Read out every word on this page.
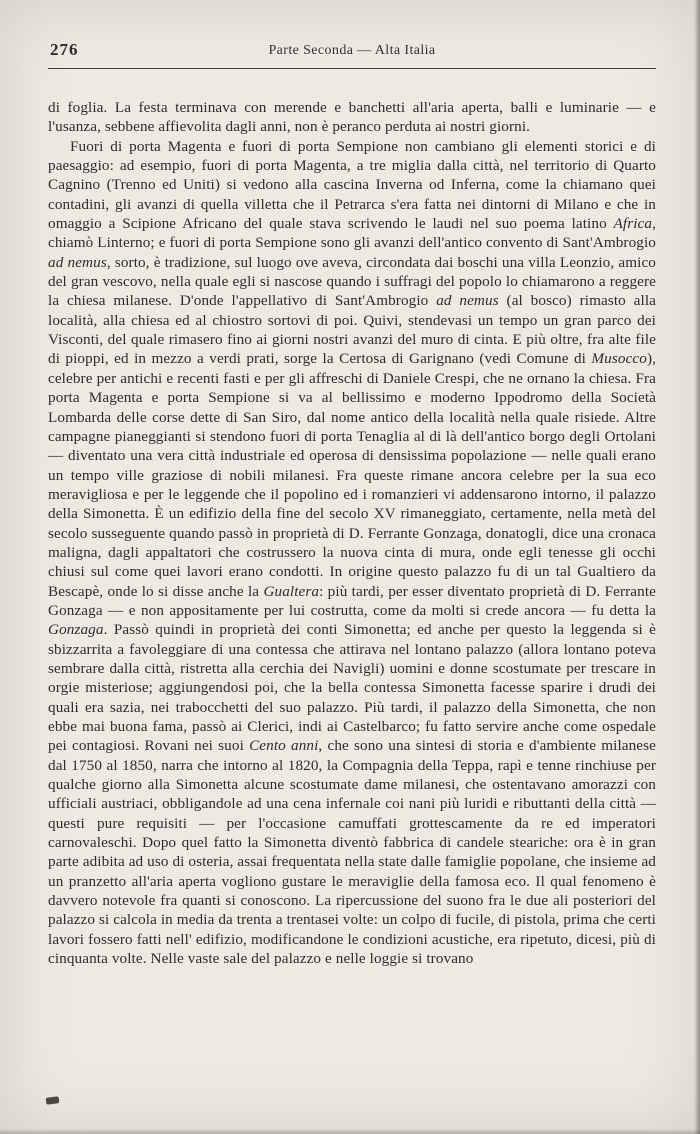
276	Parte Seconda — Alta Italia

di foglia. La festa terminava con merende e banchetti all'aria aperta, balli e luminarie — e l'usanza, sebbene affievolita dagli anni, non è peranco perduta ai nostri giorni.

Fuori di porta Magenta e fuori di porta Sempione non cambiano gli elementi storici e di paesaggio: ad esempio, fuori di porta Magenta, a tre miglia dalla città, nel territorio di Quarto Cagnino (Trenno ed Uniti) si vedono alla cascina Inverna od Inferna, come la chiamano quei contadini, gli avanzi di quella villetta che il Petrarca s'era fatta nei dintorni di Milano e che in omaggio a Scipione Africano del quale stava scrivendo le laudi nel suo poema latino Africa, chiamò Linterno; e fuori di porta Sempione sono gli avanzi dell'antico convento di Sant'Ambrogio ad nemus, sorto, è tradizione, sul luogo ove aveva, circondata dai boschi una villa Leonzio, amico del gran vescovo, nella quale egli si nascose quando i suffragi del popolo lo chiamarono a reggere la chiesa milanese. D'onde l'appellativo di Sant'Ambrogio ad nemus (al bosco) rimasto alla località, alla chiesa ed al chiostro sortovi di poi. Quivi, stendevasi un tempo un gran parco dei Visconti, del quale rimasero fino ai giorni nostri avanzi del muro di cinta. E più oltre, fra alte file di pioppi, ed in mezzo a verdi prati, sorge la Certosa di Garignano (vedi Comune di Musocco), celebre per antichi e recenti fasti e per gli affreschi di Daniele Crespi, che ne ornano la chiesa. Fra porta Magenta e porta Sempione si va al bellissimo e moderno Ippodromo della Società Lombarda delle corse dette di San Siro, dal nome antico della località nella quale risiede. Altre campagne pianeggianti si stendono fuori di porta Tenaglia al di là dell'antico borgo degli Ortolani — diventato una vera città industriale ed operosa di densissima popolazione — nelle quali erano un tempo ville graziose di nobili milanesi. Fra queste rimane ancora celebre per la sua eco meravigliosa e per le leggende che il popolino ed i romanzieri vi addensarono intorno, il palazzo della Simonetta. È un edifizio della fine del secolo XV rimaneggiato, certamente, nella metà del secolo susseguente quando passò in proprietà di D. Ferrante Gonzaga, donatogli, dice una cronaca maligna, dagli appaltatori che costrussero la nuova cinta di mura, onde egli tenesse gli occhi chiusi sul come quei lavori erano condotti. In origine questo palazzo fu di un tal Gualtiero da Bescapè, onde lo si disse anche la Gualtera: più tardi, per esser diventato proprietà di D. Ferrante Gonzaga — e non appositamente per lui costrutta, come da molti si crede ancora — fu detta la Gonzaga. Passò quindi in proprietà dei conti Simonetta; ed anche per questo la leggenda si è sbizzarrita a favoleggiare di una contessa che attirava nel lontano palazzo (allora lontano poteva sembrare dalla città, ristretta alla cerchia dei Navigli) uomini e donne scostumate per trescare in orgie misteriose; aggiungendosi poi, che la bella contessa Simonetta facesse sparire i drudi dei quali era sazia, nei trabocchetti del suo palazzo. Più tardi, il palazzo della Simonetta, che non ebbe mai buona fama, passò ai Clerici, indi ai Castelbarco; fu fatto servire anche come ospedale pei contagiosi. Rovani nei suoi Cento anni, che sono una sintesi di storia e d'ambiente milanese dal 1750 al 1850, narra che intorno al 1820, la Compagnia della Teppa, rapì e tenne rinchiuse per qualche giorno alla Simonetta alcune scostumate dame milanesi, che ostentavano amorazzi con ufficiali austriaci, obbligandole ad una cena infernale coi nani più luridi e ributtanti della città — questi pure requisiti — per l'occasione camuffati grottescamente da re ed imperatori carnovaleschi. Dopo quel fatto la Simonetta diventò fabbrica di candele steariche: ora è in gran parte adibita ad uso di osteria, assai frequentata nella state dalle famiglie popolane, che insieme ad un pranzetto all'aria aperta vogliono gustare le meraviglie della famosa eco. Il qual fenomeno è davvero notevole fra quanti si conoscono. La ripercussione del suono fra le due ali posteriori del palazzo si calcola in media da trenta a trentasei volte: un colpo di fucile, di pistola, prima che certi lavori fossero fatti nell' edifizio, modificandone le condizioni acustiche, era ripetuto, dicesi, più di cinquanta volte. Nelle vaste sale del palazzo e nelle loggie si trovano
